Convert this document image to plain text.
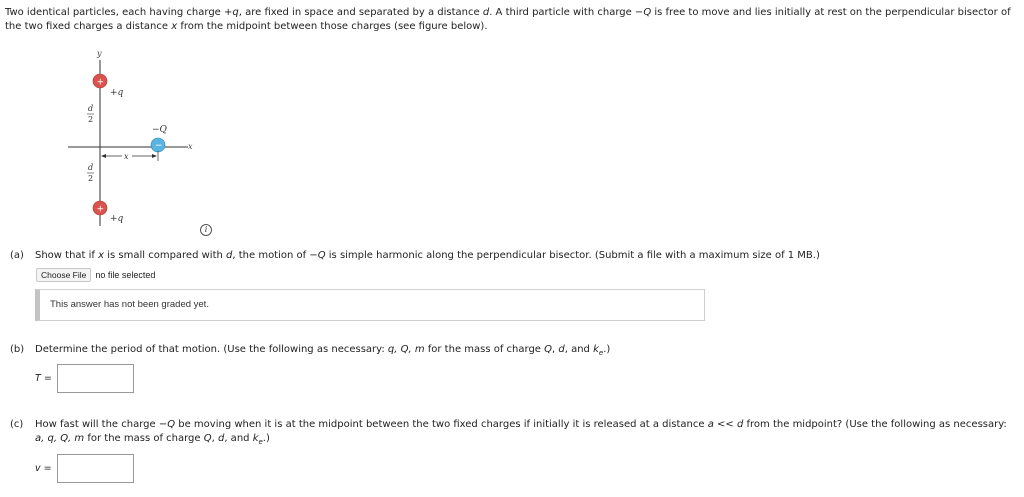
Two identical particles, each having charge +q, are fixed in space and separated by a distance d. A third particle with charge −Q is free to move and lies initially at rest on the perpendicular bisector of the two fixed charges a distance x from the midpoint between those charges (see figure below).
y
x
+
+q
+
+q
−
−Q
d
2
d
2
x
i
(a) Show that if x is small compared with d, the motion of −Q is simple harmonic along the perpendicular bisector. (Submit a file with a maximum size of 1 MB.)
Choose File no file selected
This answer has not been graded yet.
(b) Determine the period of that motion. (Use the following as necessary: q, Q, m for the mass of charge Q, d, and $k_e$.)
T =
(c) How fast will the charge −Q be moving when it is at the midpoint between the two fixed charges if initially it is released at a distance a << d from the midpoint? (Use the following as necessary:
a, q, Q, m for the mass of charge Q, d, and $k_e$.)
v =
